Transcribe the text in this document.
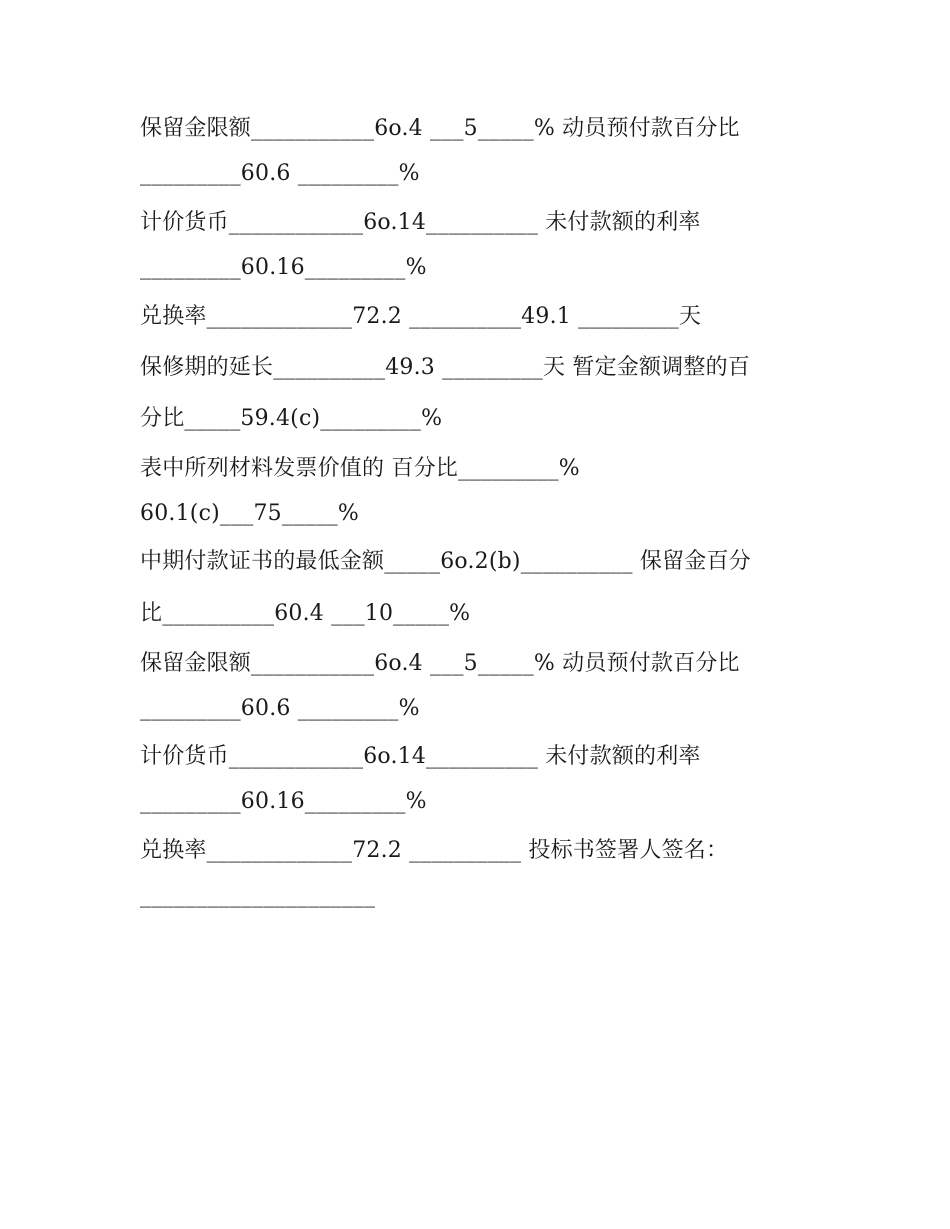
保留金限额___________6o.4 ___5_____% 动员预付款百分比
_________60.6 _________%
计价货币____________6o.14__________ 未付款额的利率
_________60.16_________%
兑换率_____________72.2 __________49.1 _________天
保修期的延长__________49.3 _________天 暂定金额调整的百
分比_____59.4(c)_________%
表中所列材料发票价值的 百分比_________%
60.1(c)___75_____%
中期付款证书的最低金额_____6o.2(b)__________ 保留金百分
比__________60.4 ___10_____%
保留金限额___________6o.4 ___5_____% 动员预付款百分比
_________60.6 _________%
计价货币____________6o.14__________ 未付款额的利率
_________60.16_________%
兑换率_____________72.2 __________ 投标书签署人签名：
_____________________
